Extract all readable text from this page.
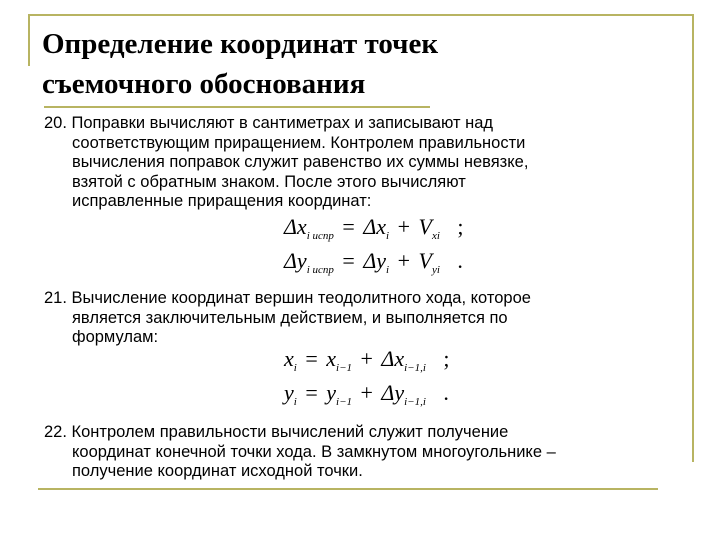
Определение координат точек
съемочного обоснования

20. Поправки вычисляют в сантиметрах и записывают над
соответствующим приращением. Контролем правильности
вычисления поправок служит равенство их суммы невязке,
взятой с обратным знаком. После этого вычисляют
исправленные приращения координат:

$\Delta x_{i испр} = \Delta x_i + V_{xi}$ ;
$\Delta y_{i испр} = \Delta y_i + V_{yi}$ .

21. Вычисление координат вершин теодолитного хода, которое
является заключительным действием, и выполняется по
формулам:

$x_i = x_{i-1} + \Delta x_{i-1,i}$ ;
$y_i = y_{i-1} + \Delta y_{i-1,i}$ .

22. Контролем правильности вычислений служит получение
координат конечной точки хода. В замкнутом многоугольнике –
получение координат исходной точки.
